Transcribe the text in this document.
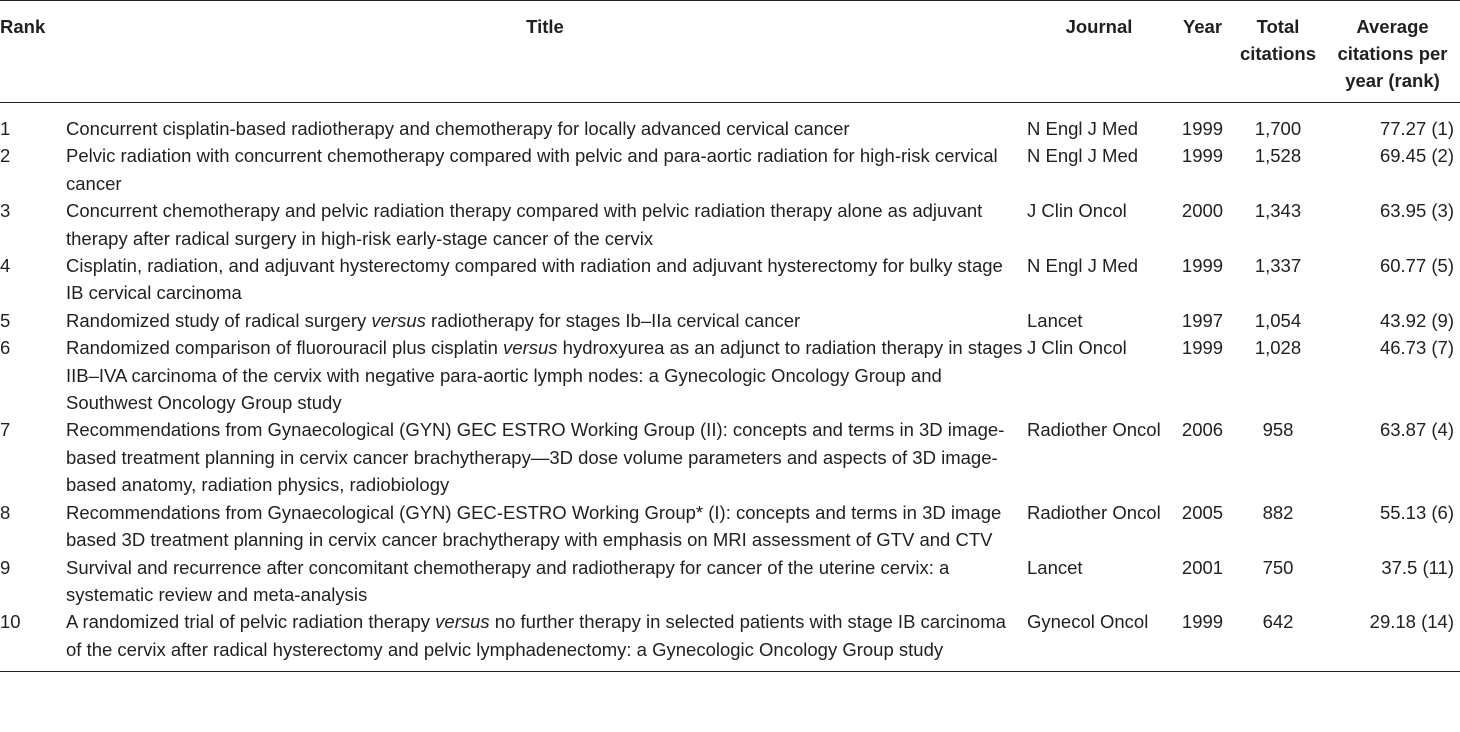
Rank	Title	Journal	Year	Total citations	Average citations per year (rank)
1	Concurrent cisplatin-based radiotherapy and chemotherapy for locally advanced cervical cancer	N Engl J Med	1999	1,700	77.27 (1)
2	Pelvic radiation with concurrent chemotherapy compared with pelvic and para-aortic radiation for high-risk cervical cancer	N Engl J Med	1999	1,528	69.45 (2)
3	Concurrent chemotherapy and pelvic radiation therapy compared with pelvic radiation therapy alone as adjuvant therapy after radical surgery in high-risk early-stage cancer of the cervix	J Clin Oncol	2000	1,343	63.95 (3)
4	Cisplatin, radiation, and adjuvant hysterectomy compared with radiation and adjuvant hysterectomy for bulky stage IB cervical carcinoma	N Engl J Med	1999	1,337	60.77 (5)
5	Randomized study of radical surgery versus radiotherapy for stages Ib–IIa cervical cancer	Lancet	1997	1,054	43.92 (9)
6	Randomized comparison of fluorouracil plus cisplatin versus hydroxyurea as an adjunct to radiation therapy in stages IIB–IVA carcinoma of the cervix with negative para-aortic lymph nodes: a Gynecologic Oncology Group and Southwest Oncology Group study	J Clin Oncol	1999	1,028	46.73 (7)
7	Recommendations from Gynaecological (GYN) GEC ESTRO Working Group (II): concepts and terms in 3D image-based treatment planning in cervix cancer brachytherapy—3D dose volume parameters and aspects of 3D image-based anatomy, radiation physics, radiobiology	Radiother Oncol	2006	958	63.87 (4)
8	Recommendations from Gynaecological (GYN) GEC-ESTRO Working Group* (I): concepts and terms in 3D image based 3D treatment planning in cervix cancer brachytherapy with emphasis on MRI assessment of GTV and CTV	Radiother Oncol	2005	882	55.13 (6)
9	Survival and recurrence after concomitant chemotherapy and radiotherapy for cancer of the uterine cervix: a systematic review and meta-analysis	Lancet	2001	750	37.5 (11)
10	A randomized trial of pelvic radiation therapy versus no further therapy in selected patients with stage IB carcinoma of the cervix after radical hysterectomy and pelvic lymphadenectomy: a Gynecologic Oncology Group study	Gynecol Oncol	1999	642	29.18 (14)
